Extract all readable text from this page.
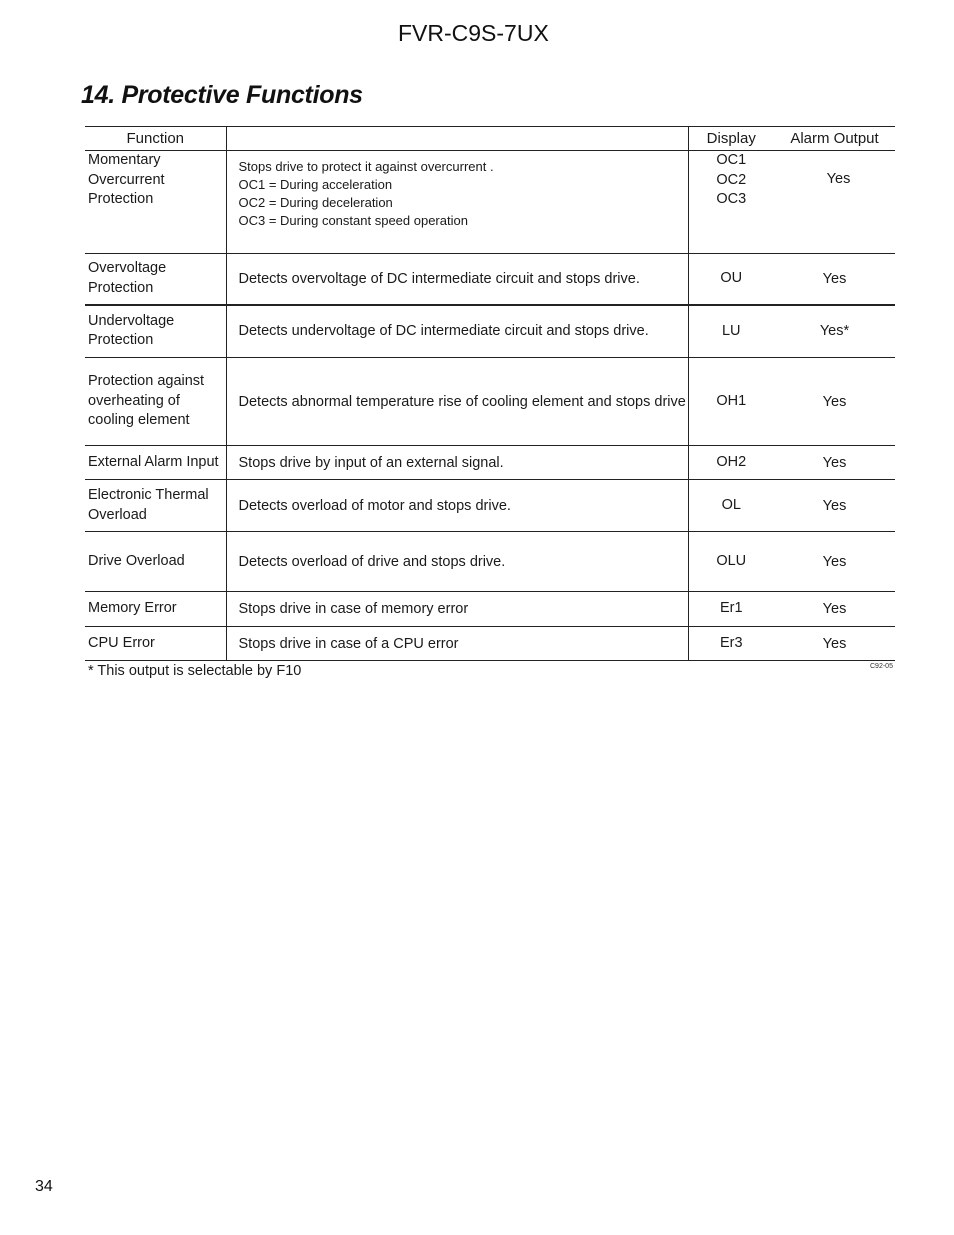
FVR-C9S-7UX
14. Protective Functions
Function		Display	Alarm Output

Momentary
Overcurrent
Protection	Stops drive to protect it against overcurrent .
OC1 = During acceleration
OC2 = During deceleration
OC3 = During constant speed operation	OC1
OC2
OC3	Yes

Overvoltage
Protection	Detects overvoltage of DC intermediate circuit and stops drive.	OU	Yes

Undervoltage
Protection	Detects undervoltage of DC intermediate circuit and stops drive.	LU	Yes*

Protection against
overheating of
cooling element	Detects abnormal temperature rise of cooling element and stops drive	OH1	Yes

External Alarm Input	Stops drive by input of an external signal.	OH2	Yes

Electronic Thermal
Overload	Detects overload of motor and stops drive.	OL	Yes

Drive Overload	Detects overload of drive and stops drive.	OLU	Yes

Memory Error	Stops drive in case of memory error	Er1	Yes

CPU Error	Stops drive in case of a CPU error	Er3	Yes
* This output is selectable by F10	C92-05
34
